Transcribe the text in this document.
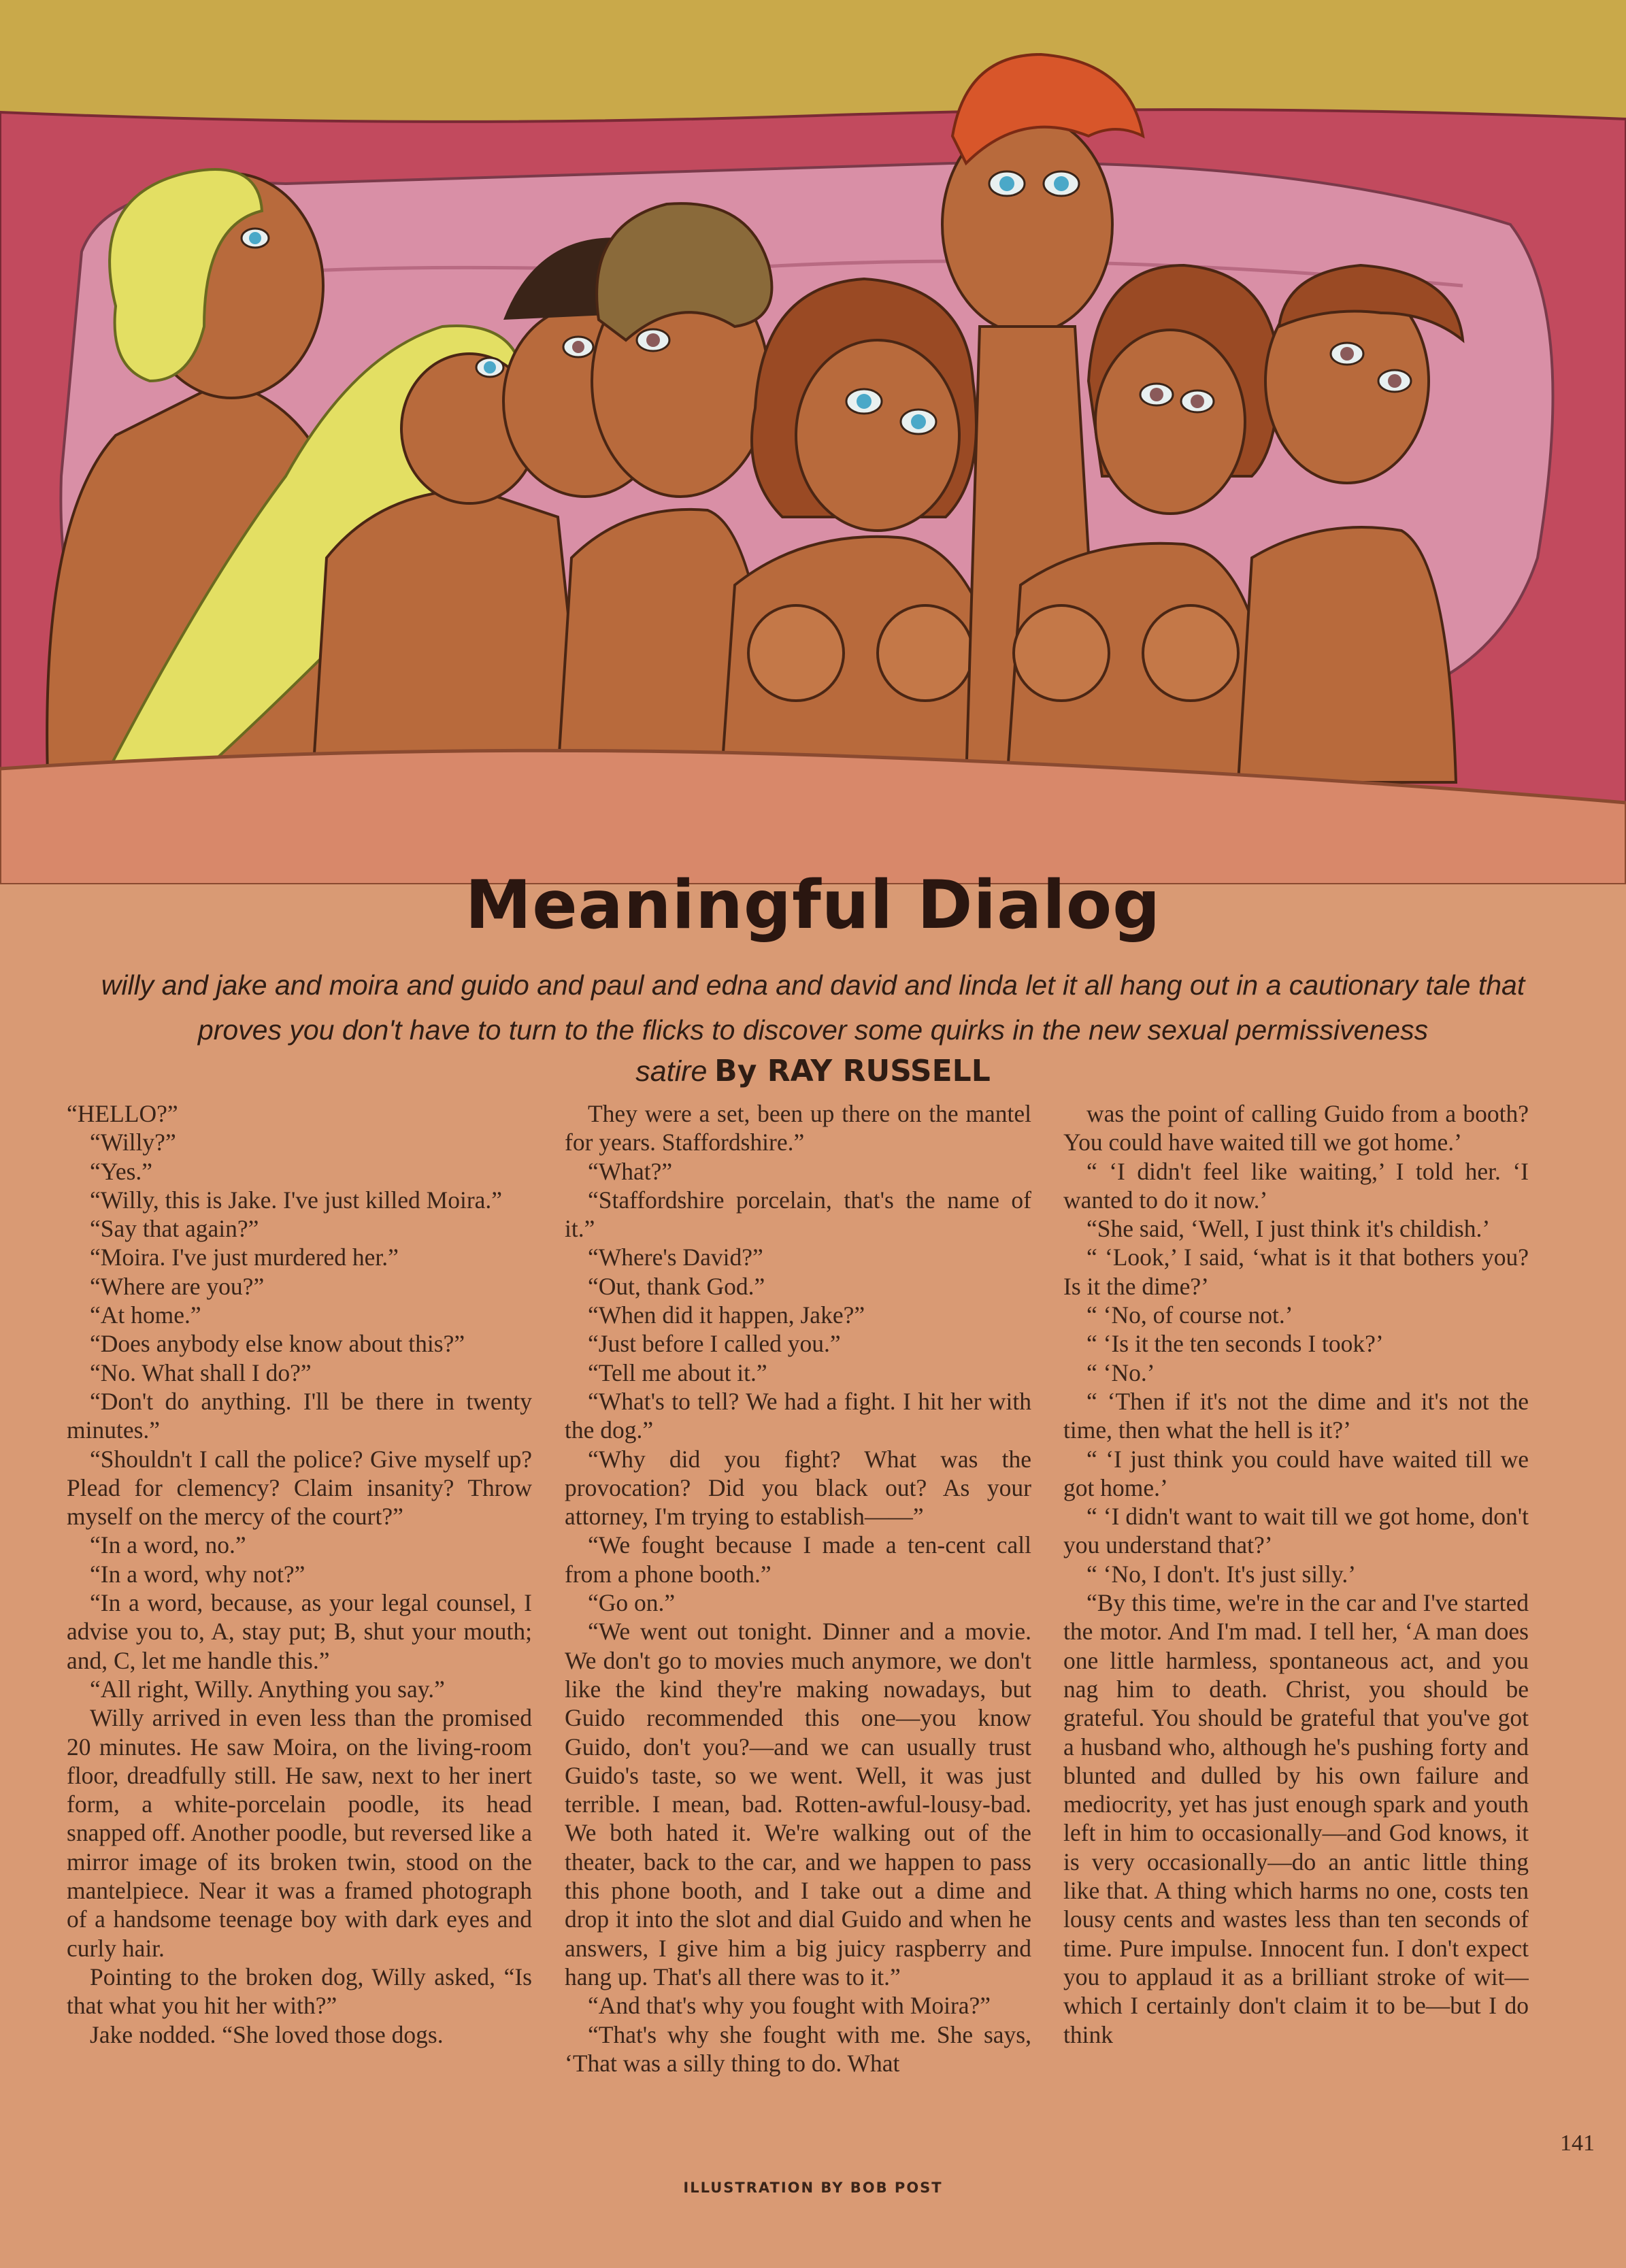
Meaningful Dialog

willy and jake and moira and guido and paul and edna and david and linda let it all hang out in a cautionary tale that proves you don't have to turn to the flicks to discover some quirks in the new sexual permissiveness

satire By RAY RUSSELL

“HELLO?”

“Willy?”

“Yes.”

“Willy, this is Jake. I've just killed Moira.”

“Say that again?”

“Moira. I've just murdered her.”

“Where are you?”

“At home.”

“Does anybody else know about this?”

“No. What shall I do?”

“Don't do anything. I'll be there in twenty minutes.”

“Shouldn't I call the police? Give myself up? Plead for clemency? Claim insanity? Throw myself on the mercy of the court?”

“In a word, no.”

“In a word, why not?”

“In a word, because, as your legal counsel, I advise you to, A, stay put; B, shut your mouth; and, C, let me handle this.”

“All right, Willy. Anything you say.”

Willy arrived in even less than the promised 20 minutes. He saw Moira, on the living-room floor, dreadfully still. He saw, next to her inert form, a white-porcelain poodle, its head snapped off. Another poodle, but reversed like a mirror image of its broken twin, stood on the mantelpiece. Near it was a framed photograph of a handsome teenage boy with dark eyes and curly hair.

Pointing to the broken dog, Willy asked, “Is that what you hit her with?”

Jake nodded. “She loved those dogs.

They were a set, been up there on the mantel for years. Staffordshire.”

“What?”

“Staffordshire porcelain, that's the name of it.”

“Where's David?”

“Out, thank God.”

“When did it happen, Jake?”

“Just before I called you.”

“Tell me about it.”

“What's to tell? We had a fight. I hit her with the dog.”

“Why did you fight? What was the provocation? Did you black out? As your attorney, I'm trying to establish——”

“We fought because I made a ten-cent call from a phone booth.”

“Go on.”

“We went out tonight. Dinner and a movie. We don't go to movies much anymore, we don't like the kind they're making nowadays, but Guido recommended this one—you know Guido, don't you?—and we can usually trust Guido's taste, so we went. Well, it was just terrible. I mean, bad. Rotten-awful-lousy-bad. We both hated it. We're walking out of the theater, back to the car, and we happen to pass this phone booth, and I take out a dime and drop it into the slot and dial Guido and when he answers, I give him a big juicy raspberry and hang up. That's all there was to it.”

“And that's why you fought with Moira?”

“That's why she fought with me. She says, ‘That was a silly thing to do. What

was the point of calling Guido from a booth? You could have waited till we got home.’

“ ‘I didn't feel like waiting,’ I told her. ‘I wanted to do it now.’

“She said, ‘Well, I just think it's childish.’

“ ‘Look,’ I said, ‘what is it that bothers you? Is it the dime?’

“ ‘No, of course not.’

“ ‘Is it the ten seconds I took?’

“ ‘No.’

“ ‘Then if it's not the dime and it's not the time, then what the hell is it?’

“ ‘I just think you could have waited till we got home.’

“ ‘I didn't want to wait till we got home, don't you understand that?’

“ ‘No, I don't. It's just silly.’

“By this time, we're in the car and I've started the motor. And I'm mad. I tell her, ‘A man does one little harmless, spontaneous act, and you nag him to death. Christ, you should be grateful. You should be grateful that you've got a husband who, although he's pushing forty and blunted and dulled by his own failure and mediocrity, yet has just enough spark and youth left in him to occasionally—and God knows, it is very occasionally—do an antic little thing like that. A thing which harms no one, costs ten lousy cents and wastes less than ten seconds of time. Pure impulse. Innocent fun. I don't expect you to applaud it as a brilliant stroke of wit—which I certainly don't claim it to be—but I do think

141
ILLUSTRATION BY BOB POST
